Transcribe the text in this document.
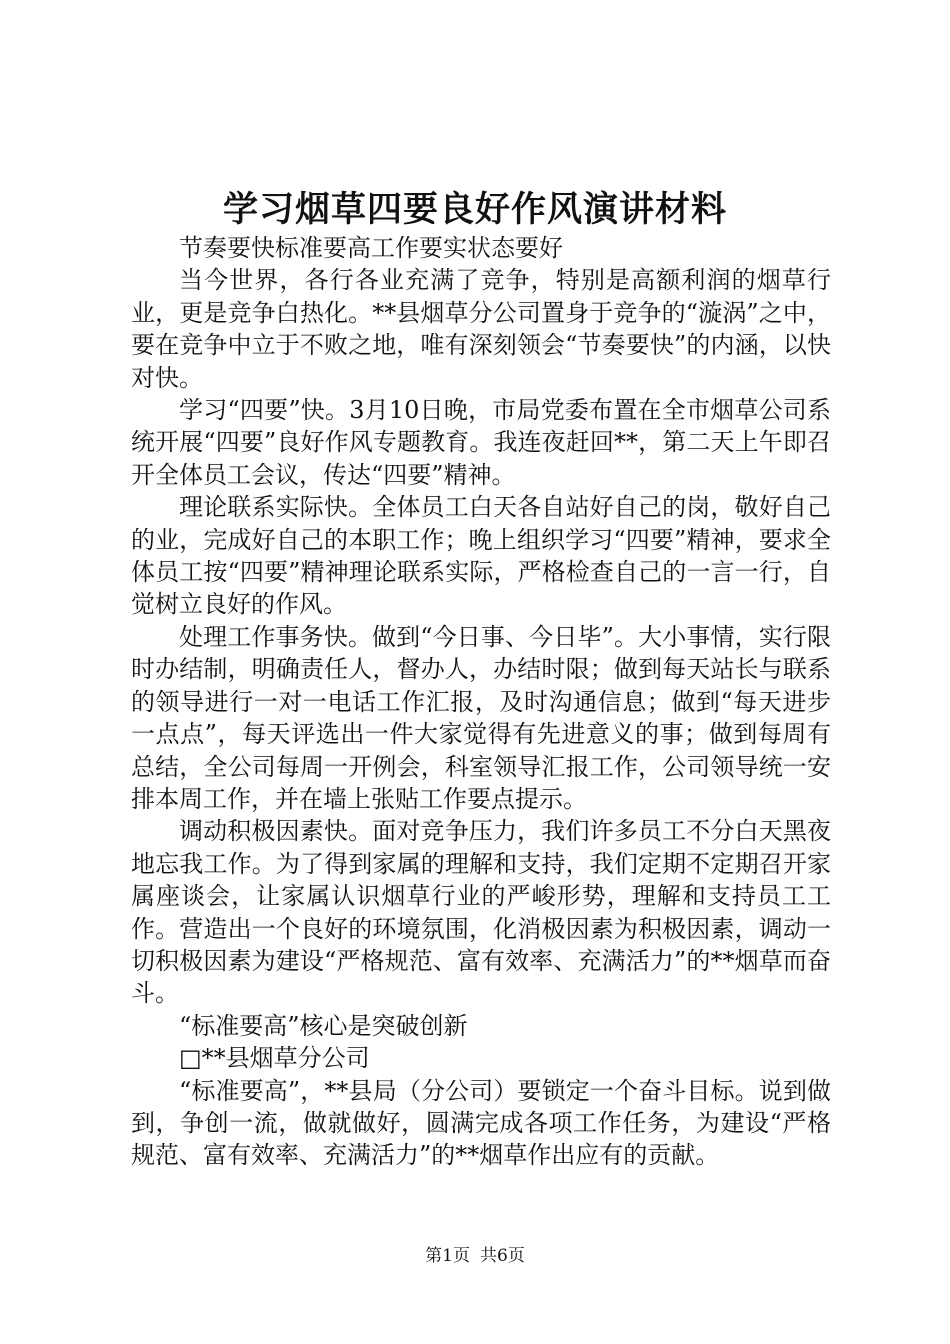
学习烟草四要良好作风演讲材料

节奏要快标准要高工作要实状态要好

当今世界，各行各业充满了竞争，特别是高额利润的烟草行业，更是竞争白热化。**县烟草分公司置身于竞争的“漩涡”之中，要在竞争中立于不败之地，唯有深刻领会“节奏要快”的内涵，以快对快。

学习“四要”快。3月10日晚，市局党委布置在全市烟草公司系统开展“四要”良好作风专题教育。我连夜赶回**，第二天上午即召开全体员工会议，传达“四要”精神。

理论联系实际快。全体员工白天各自站好自己的岗，敬好自己的业，完成好自己的本职工作；晚上组织学习“四要”精神，要求全体员工按“四要”精神理论联系实际，严格检查自己的一言一行，自觉树立良好的作风。

处理工作事务快。做到“今日事、今日毕”。大小事情，实行限时办结制，明确责任人，督办人，办结时限；做到每天站长与联系的领导进行一对一电话工作汇报，及时沟通信息；做到“每天进步一点点”，每天评选出一件大家觉得有先进意义的事；做到每周有总结，全公司每周一开例会，科室领导汇报工作，公司领导统一安排本周工作，并在墙上张贴工作要点提示。

调动积极因素快。面对竞争压力，我们许多员工不分白天黑夜地忘我工作。为了得到家属的理解和支持，我们定期不定期召开家属座谈会，让家属认识烟草行业的严峻形势，理解和支持员工工作。营造出一个良好的环境氛围，化消极因素为积极因素，调动一切积极因素为建设“严格规范、富有效率、充满活力”的**烟草而奋斗。

“标准要高”核心是突破创新

□**县烟草分公司

“标准要高”，**县局（分公司）要锁定一个奋斗目标。说到做到，争创一流，做就做好，圆满完成各项工作任务，为建设“严格规范、富有效率、充满活力”的**烟草作出应有的贡献。

第1页 共6页
